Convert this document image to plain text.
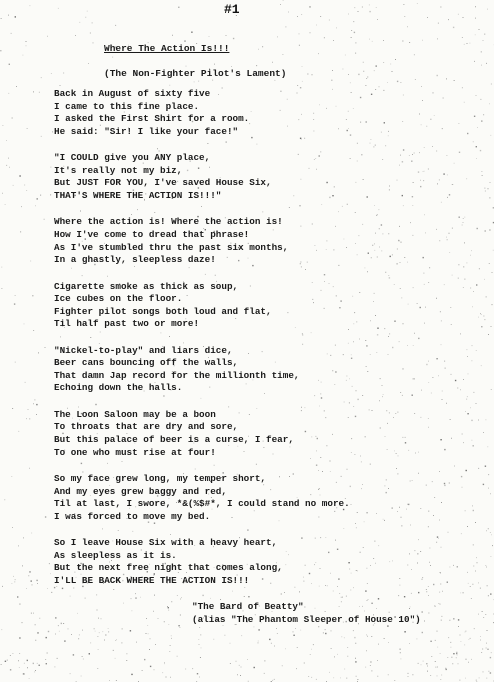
#1
Where The Action Is!!!
(The Non-Fighter Pilot's Lament)
Back in August of sixty five
I came to this fine place.
I asked the First Shirt for a room.
He said: "Sir! I like your face!"
"I COULD give you ANY place,
It's really not my biz,
But JUST FOR YOU, I've saved House Six,
THAT'S WHERE THE ACTION IS!!!"
Where the action is! Where the action is!
How I've come to dread that phrase!
As I've stumbled thru the past six months,
In a ghastly, sleepless daze!
Cigarette smoke as thick as soup,
Ice cubes on the floor.
Fighter pilot songs both loud and flat,
Til half past two or more!
"Nickel-to-play" and liars dice,
Beer cans bouncing off the walls,
That damn Jap record for the millionth time,
Echoing down the halls.
The Loon Saloon may be a boon
To throats that are dry and sore,
But this palace of beer is a curse, I fear,
To one who must rise at four!
So my face grew long, my temper short,
And my eyes grew baggy and red,
Til at last, I swore, *&(%$#*, I could stand no more.
I was forced to move my bed.
So I leave House Six with a heavy heart,
As sleepless as it is.
But the next free night that comes along,
I'LL BE BACK WHERE THE ACTION IS!!!
"The Bard of Beatty"
(alias "The Phantom Sleeper of House 10")
